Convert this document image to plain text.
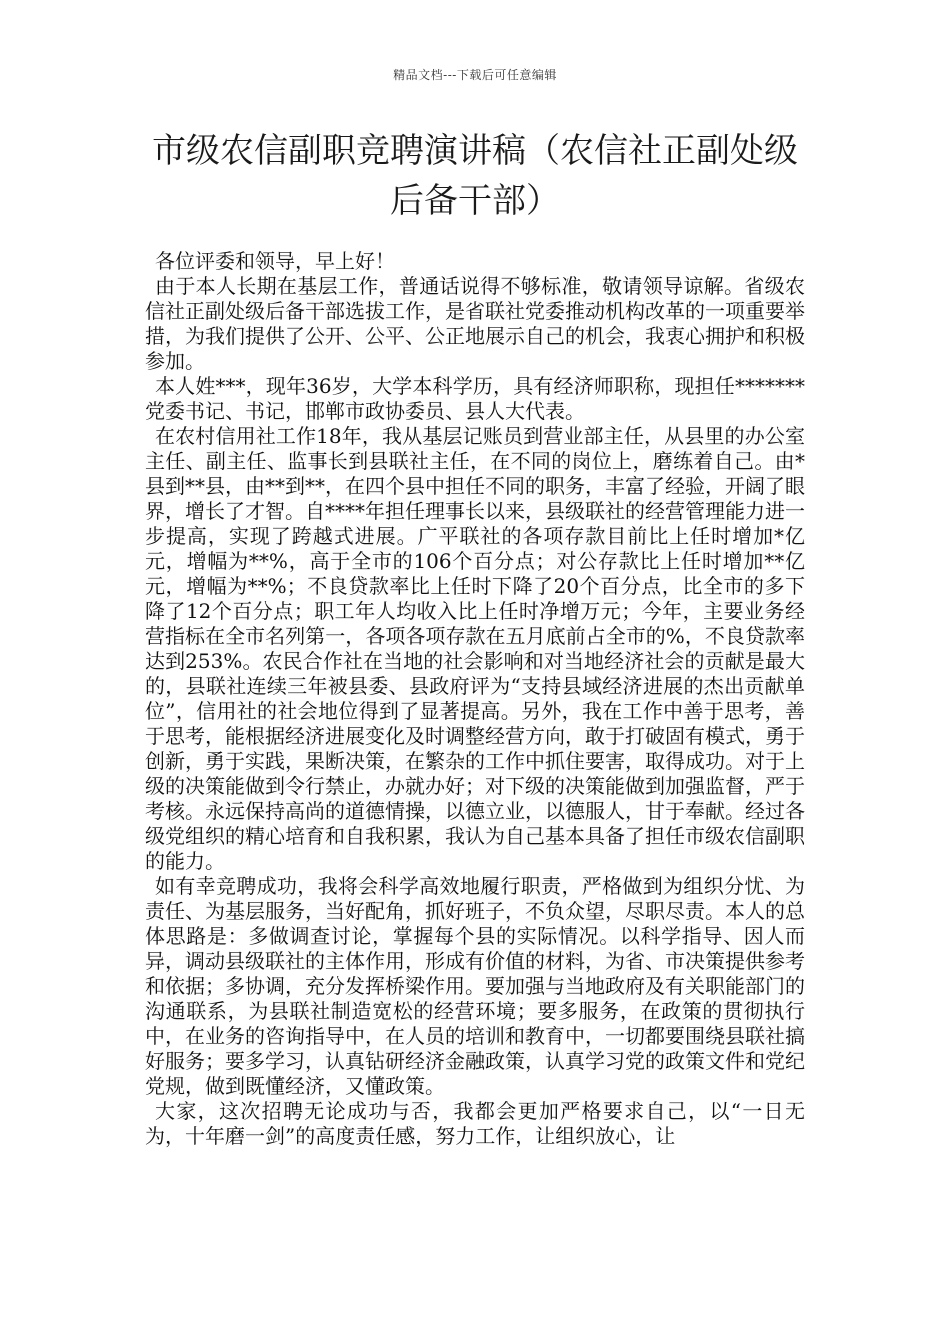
精品文档---下载后可任意编辑
市级农信副职竞聘演讲稿（农信社正副处级后备干部）

各位评委和领导，早上好！

由于本人长期在基层工作，普通话说得不够标准，敬请领导谅解。省级农信社正副处级后备干部选拔工作，是省联社党委推动机构改革的一项重要举措，为我们提供了公开、公平、公正地展示自己的机会，我衷心拥护和积极参加。

本人姓***，现年36岁，大学本科学历，具有经济师职称，现担任*******党委书记、书记，邯郸市政协委员、县人大代表。

在农村信用社工作18年，我从基层记账员到营业部主任，从县里的办公室主任、副主任、监事长到县联社主任，在不同的岗位上，磨练着自己。由*县到**县，由**到**，在四个县中担任不同的职务，丰富了经验，开阔了眼界，增长了才智。自****年担任理事长以来，县级联社的经营管理能力进一步提高，实现了跨越式进展。广平联社的各项存款目前比上任时增加*亿元，增幅为**%，高于全市的106个百分点；对公存款比上任时增加**亿元，增幅为**%；不良贷款率比上任时下降了20个百分点，比全市的多下降了12个百分点；职工年人均收入比上任时净增万元；今年，主要业务经营指标在全市名列第一，各项各项存款在五月底前占全市的%，不良贷款率达到253%。农民合作社在当地的社会影响和对当地经济社会的贡献是最大的，县联社连续三年被县委、县政府评为“支持县域经济进展的杰出贡献单位”，信用社的社会地位得到了显著提高。另外，我在工作中善于思考，善于思考，能根据经济进展变化及时调整经营方向，敢于打破固有模式，勇于创新，勇于实践，果断决策，在繁杂的工作中抓住要害，取得成功。对于上级的决策能做到令行禁止，办就办好；对下级的决策能做到加强监督，严于考核。永远保持高尚的道德情操，以德立业，以德服人，甘于奉献。经过各级党组织的精心培育和自我积累，我认为自己基本具备了担任市级农信副职的能力。

如有幸竞聘成功，我将会科学高效地履行职责，严格做到为组织分忧、为责任、为基层服务，当好配角，抓好班子，不负众望，尽职尽责。本人的总体思路是：多做调查讨论，掌握每个县的实际情况。以科学指导、因人而异，调动县级联社的主体作用，形成有价值的材料，为省、市决策提供参考和依据；多协调，充分发挥桥梁作用。要加强与当地政府及有关职能部门的沟通联系，为县联社制造宽松的经营环境；要多服务，在政策的贯彻执行中，在业务的咨询指导中，在人员的培训和教育中，一切都要围绕县联社搞好服务；要多学习，认真钻研经济金融政策，认真学习党的政策文件和党纪党规，做到既懂经济，又懂政策。

大家，这次招聘无论成功与否，我都会更加严格要求自己，以“一日无为，十年磨一剑”的高度责任感，努力工作，让组织放心，让
